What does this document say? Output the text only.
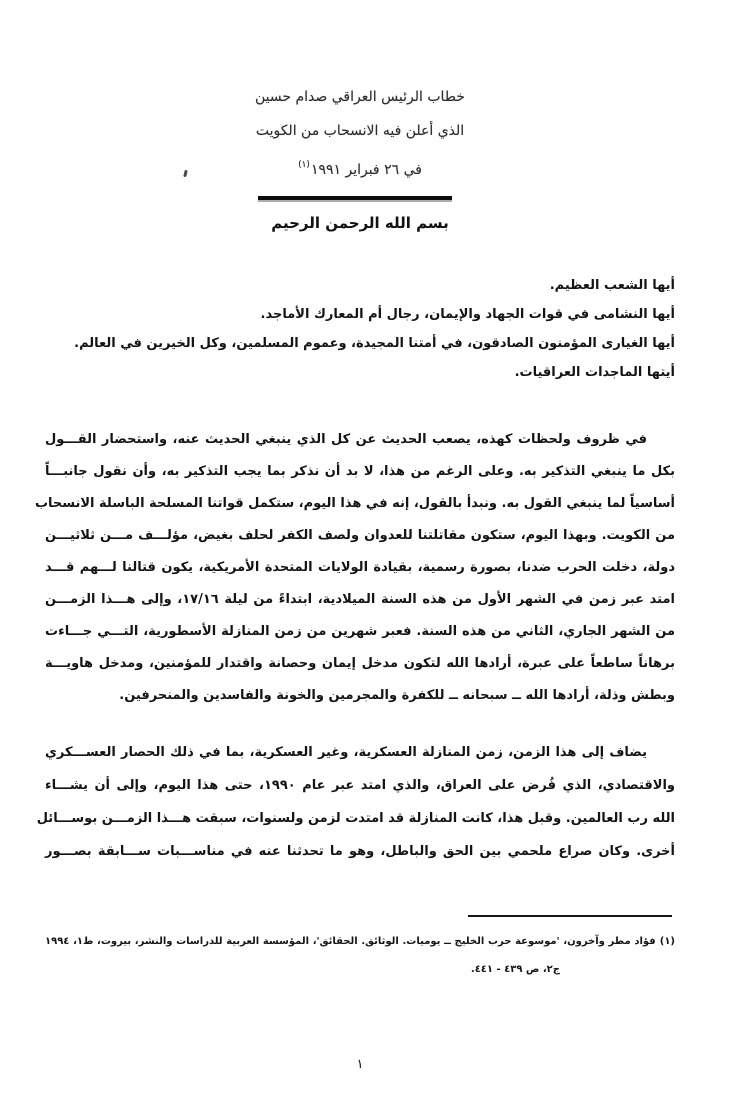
خطاب الرئيس العراقي صدام حسين
الذي أعلن فيه الانسحاب من الكويت
في ٢٦ فبراير ١٩٩١$^{(١)}$
بسم الله الرحمن الرحيم
أيها الشعب العظيم.
أيها النشامى في قوات الجهاد والإيمان، رجال أم المعارك الأماجد.
أيها الغيارى المؤمنون الصادقون، في أمتنا المجيدة، وعموم المسلمين، وكل الخيرين في العالم.
أيتها الماجدات العراقيات.
في ظروف ولحظات كهذه، يصعب الحديث عن كل الذي ينبغي الحديث عنه، واستحضار القـــول
بكل ما ينبغي التذكير به. وعلى الرغم من هذا، لا بد أن نذكر بما يجب التذكير به، وأن نقول جانبـــاً
أساسياً لما ينبغي القول به. ونبدأ بالقول، إنه في هذا اليوم، ستكمل قواتنا المسلحة الباسلة الانسحاب
من الكويت. وبهذا اليوم، ستكون مقاتلتنا للعدوان ولصف الكفر لحلف بغيض، مؤلـــف مـــن ثلاثيـــن
دولة، دخلت الحرب ضدنا، بصورة رسمية، بقيادة الولايات المتحدة الأمريكية، يكون قتالنا لـــهم قـــد
امتد عبر زمن في الشهر الأول من هذه السنة الميلادية، ابتداءً من ليلة ١٧/١٦، وإلى هـــذا الزمـــن
من الشهر الجاري، الثاني من هذه السنة. فعبر شهرين من زمن المنازلة الأسطورية، التـــي جـــاءت
برهاناً ساطعاً على عبرة، أرادها الله لتكون مدخل إيمان وحصانة واقتدار للمؤمنين، ومدخل هاويـــة
وبطش وذلة، أرادها الله ــ سبحانه ــ للكفرة والمجرمين والخونة والفاسدين والمنحرفين.
يضاف إلى هذا الزمن، زمن المنازلة العسكرية، وغير العسكرية، بما في ذلك الحصار العســـكري
والاقتصادي، الذي فُرض على العراق، والذي امتد عبر عام ١٩٩٠، حتى هذا اليوم، وإلى أن يشـــاء
الله رب العالمين. وقبل هذا، كانت المنازلة قد امتدت لزمن ولسنوات، سبقت هـــذا الزمـــن بوســـائل
أخرى. وكان صراع ملحمي بين الحق والباطل، وهو ما تحدثنا عنه في مناســـبات ســـابقة بصـــور
(١)فؤاد مطر وآخرون، 'موسوعة حرب الخليج ــ يوميات. الوثائق. الحقائق'، المؤسسة العربية للدراسات والنشر، بيروت، ط١، ١٩٩٤
ج٢، ص ٤٣٩ - ٤٤١.
١
